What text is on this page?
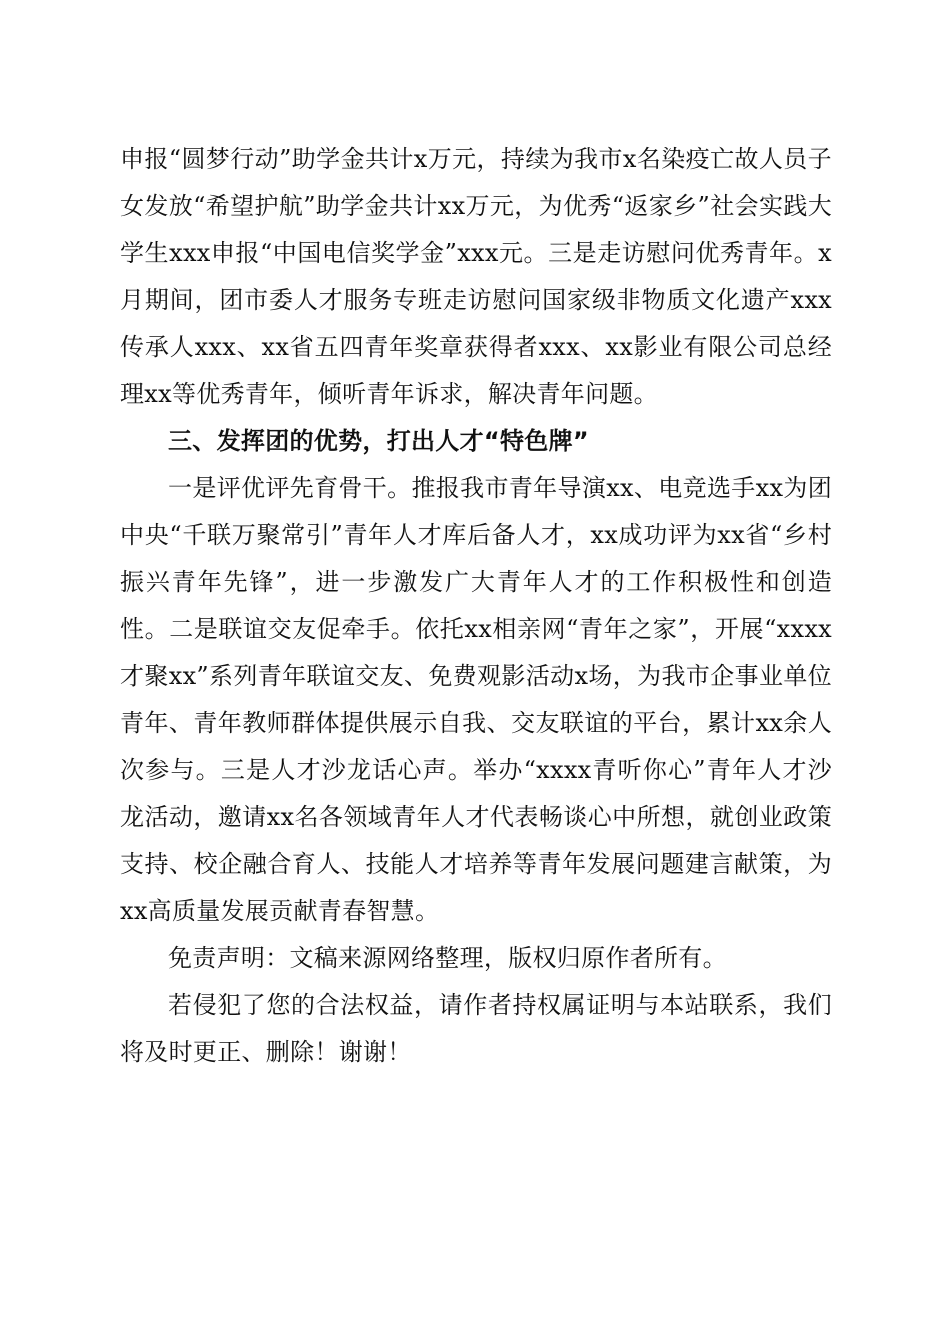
申报“圆梦行动”助学金共计x万元，持续为我市x名染疫亡故人员子女发放“希望护航”助学金共计xx万元，为优秀“返家乡”社会实践大学生xxx申报“中国电信奖学金”xxx元。三是走访慰问优秀青年。x月期间，团市委人才服务专班走访慰问国家级非物质文化遗产xxx传承人xxx、xx省五四青年奖章获得者xxx、xx影业有限公司总经理xx等优秀青年，倾听青年诉求，解决青年问题。

三、发挥团的优势，打出人才“特色牌”

一是评优评先育骨干。推报我市青年导演xx、电竞选手xx为团中央“千联万聚常引”青年人才库后备人才，xx成功评为xx省“乡村振兴青年先锋”，进一步激发广大青年人才的工作积极性和创造性。二是联谊交友促牵手。依托xx相亲网“青年之家”，开展“xxxx才聚xx”系列青年联谊交友、免费观影活动x场，为我市企事业单位青年、青年教师群体提供展示自我、交友联谊的平台，累计xx余人次参与。三是人才沙龙话心声。举办“xxxx青听你心”青年人才沙龙活动，邀请xx名各领域青年人才代表畅谈心中所想，就创业政策支持、校企融合育人、技能人才培养等青年发展问题建言献策，为xx高质量发展贡献青春智慧。

免责声明：文稿来源网络整理，版权归原作者所有。

若侵犯了您的合法权益，请作者持权属证明与本站联系，我们将及时更正、删除！谢谢！
